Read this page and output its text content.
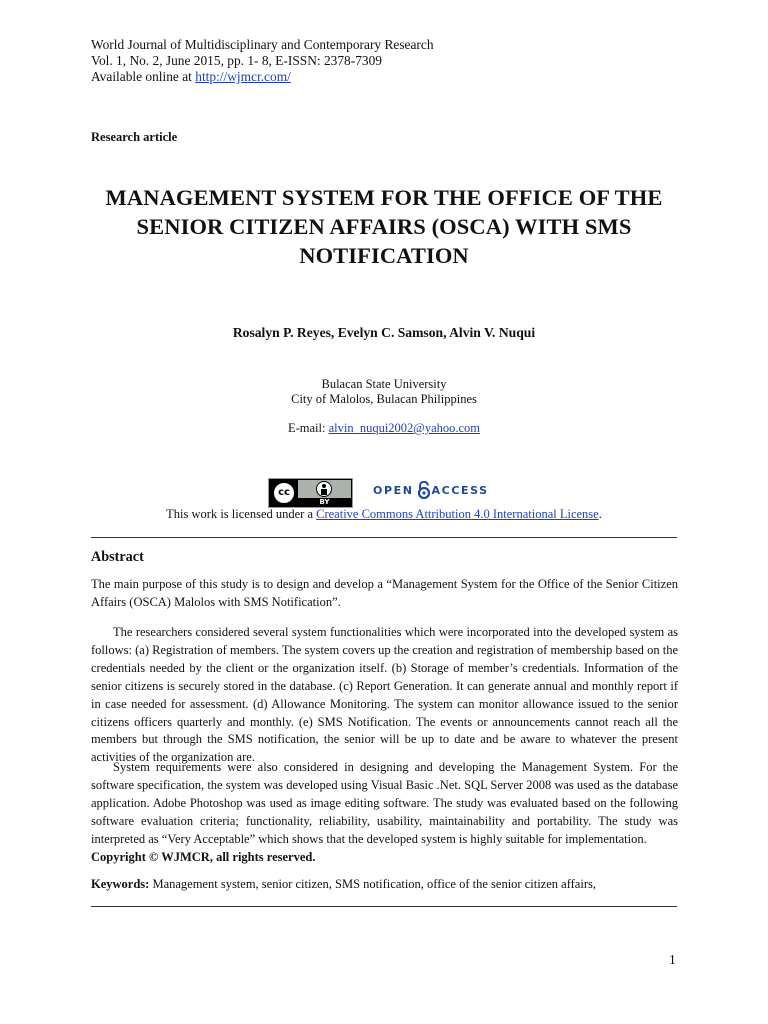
World Journal of Multidisciplinary and Contemporary Research
Vol. 1, No. 2, June 2015, pp. 1- 8, E-ISSN: 2378-7309
Available online at http://wjmcr.com/
Research article
MANAGEMENT SYSTEM FOR THE OFFICE OF THE SENIOR CITIZEN AFFAIRS (OSCA) WITH SMS NOTIFICATION
Rosalyn P. Reyes, Evelyn C. Samson, Alvin V. Nuqui
Bulacan State University
City of Malolos, Bulacan Philippines
E-mail: alvin_nuqui2002@yahoo.com
cc
BY
OPEN ACCESS
This work is licensed under a Creative Commons Attribution 4.0 International License.
Abstract
The main purpose of this study is to design and develop a “Management System for the Office of the Senior Citizen Affairs (OSCA) Malolos with SMS Notification”.
The researchers considered several system functionalities which were incorporated into the developed system as follows: (a) Registration of members. The system covers up the creation and registration of membership based on the credentials needed by the client or the organization itself. (b) Storage of member’s credentials. Information of the senior citizens is securely stored in the database. (c) Report Generation. It can generate annual and monthly report if in case needed for assessment. (d) Allowance Monitoring. The system can monitor allowance issued to the senior citizens officers quarterly and monthly. (e) SMS Notification. The events or announcements cannot reach all the members but through the SMS notification, the senior will be up to date and be aware to whatever the present activities of the organization are.
System requirements were also considered in designing and developing the Management System. For the software specification, the system was developed using Visual Basic .Net. SQL Server 2008 was used as the database application. Adobe Photoshop was used as image editing software. The study was evaluated based on the following software evaluation criteria; functionality, reliability, usability, maintainability and portability. The study was interpreted as “Very Acceptable” which shows that the developed system is highly suitable for implementation.
Copyright © WJMCR, all rights reserved.
Keywords: Management system, senior citizen, SMS notification, office of the senior citizen affairs,
1
